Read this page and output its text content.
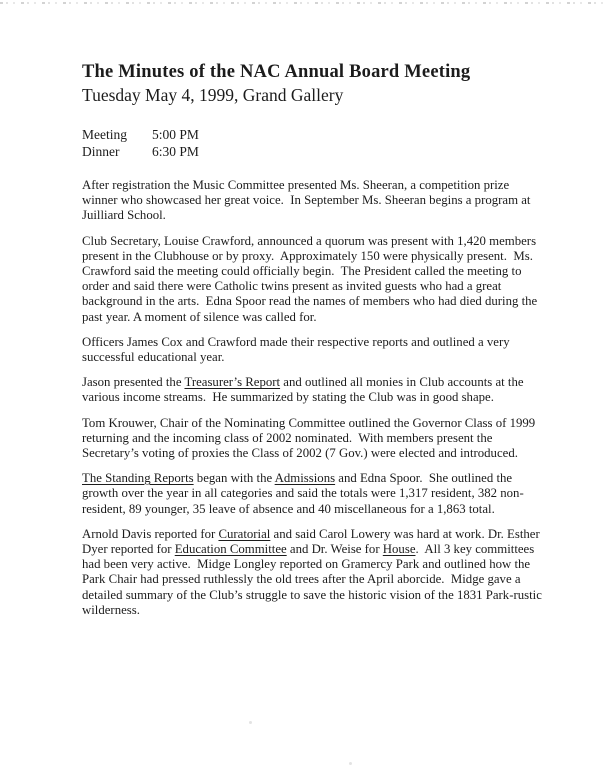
The Minutes of the NAC Annual Board Meeting
Tuesday May 4, 1999, Grand Gallery
Meeting	5:00 PM
Dinner	6:30 PM

After registration the Music Committee presented Ms. Sheeran, a competition prize winner who showcased her great voice.  In September Ms. Sheeran begins a program at Juilliard School.

Club Secretary, Louise Crawford, announced a quorum was present with 1,420 members present in the Clubhouse or by proxy.  Approximately 150 were physically present.  Ms. Crawford said the meeting could officially begin.  The President called the meeting to order and said there were Catholic twins present as invited guests who had a great background in the arts.  Edna Spoor read the names of members who had died during the past year. A moment of silence was called for.

Officers James Cox and Crawford made their respective reports and outlined a very successful educational year.

Jason presented the Treasurer’s Report and outlined all monies in Club accounts at the various income streams.  He summarized by stating the Club was in good shape.

Tom Krouwer, Chair of the Nominating Committee outlined the Governor Class of 1999 returning and the incoming class of 2002 nominated.  With members present the Secretary’s voting of proxies the Class of 2002 (7 Gov.) were elected and introduced.

The Standing Reports began with the Admissions and Edna Spoor.  She outlined the growth over the year in all categories and said the totals were 1,317 resident, 382 non-resident, 89 younger, 35 leave of absence and 40 miscellaneous for a 1,863 total.

Arnold Davis reported for Curatorial and said Carol Lowery was hard at work. Dr. Esther Dyer reported for Education Committee and Dr. Weise for House.  All 3 key committees had been very active.  Midge Longley reported on Gramercy Park and outlined how the Park Chair had pressed ruthlessly the old trees after the April aborcide.  Midge gave a detailed summary of the Club’s struggle to save the historic vision of the 1831 Park-rustic wilderness.
